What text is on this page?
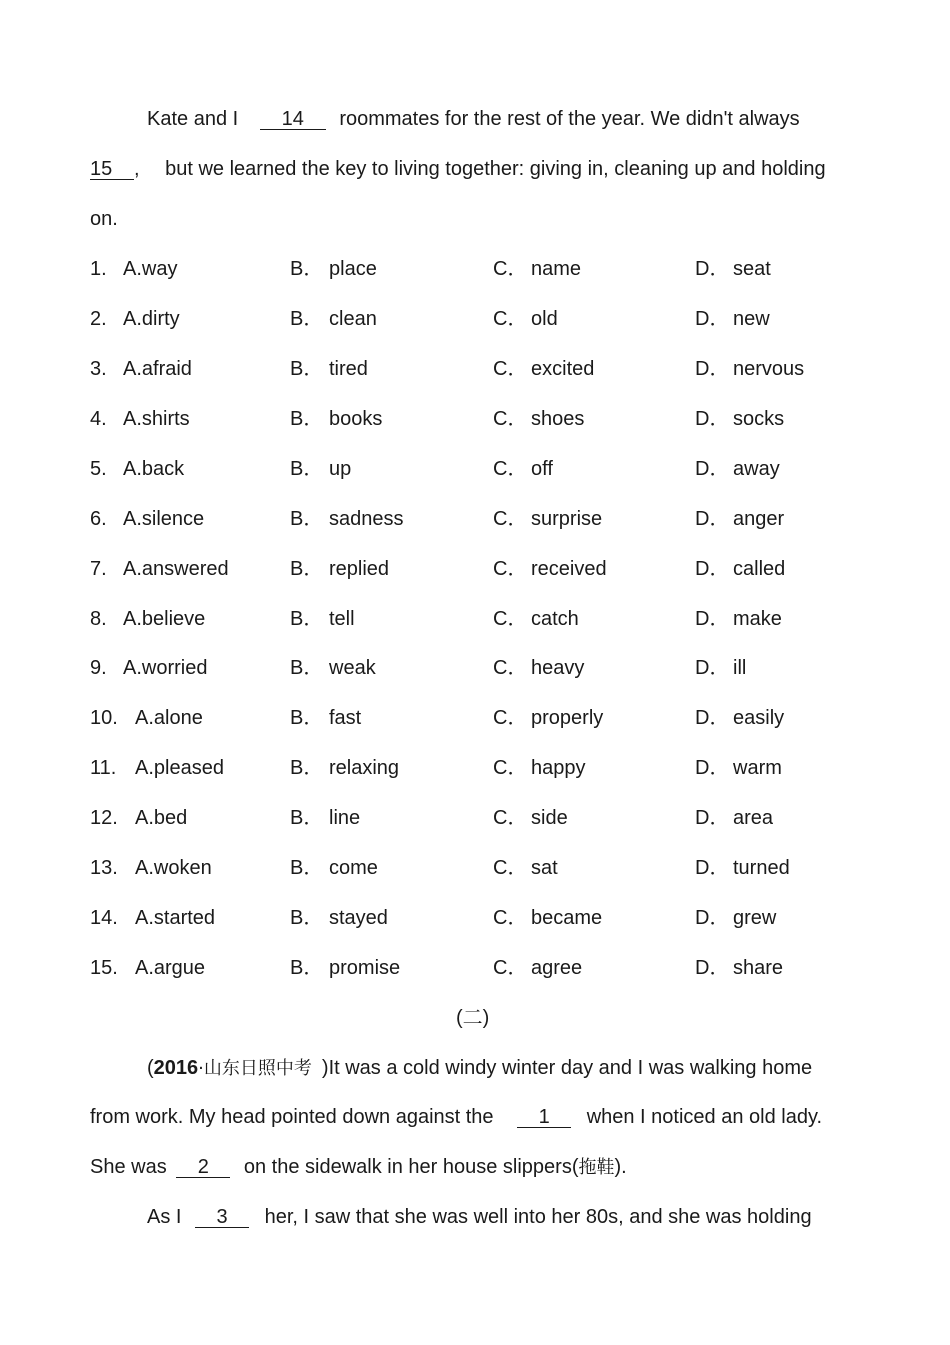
Kate and I 14 roommates for the rest of the year. We didn't always
15 , but we learned the key to living together: giving in, cleaning up and holding
on.
1. A.way	B． place	C． name	D． seat
2. A.dirty	B． clean	C． old	D． new
3. A.afraid	B． tired	C． excited	D． nervous
4. A.shirts	B． books	C． shoes	D． socks
5. A.back	B． up	C． off	D． away
6. A.silence	B． sadness	C． surprise	D． anger
7. A.answered	B． replied	C． received	D． called
8. A.believe	B． tell	C． catch	D． make
9. A.worried	B． weak	C． heavy	D． ill
10. A.alone	B． fast	C． properly	D． easily
11. A.pleased	B． relaxing	C． happy	D． warm
12. A.bed	B． line	C． side	D． area
13. A.woken	B． come	C． sat	D． turned
14. A.started	B． stayed	C． became	D． grew
15. A.argue	B． promise	C． agree	D． share
(二)
(2016·山东日照中考 )It was a cold windy winter day and I was walking home
from work. My head pointed down against the 1 when I noticed an old lady.
She was 2 on the sidewalk in her house slippers(拖鞋).
As I 3 her, I saw that she was well into her 80s, and she was holding
